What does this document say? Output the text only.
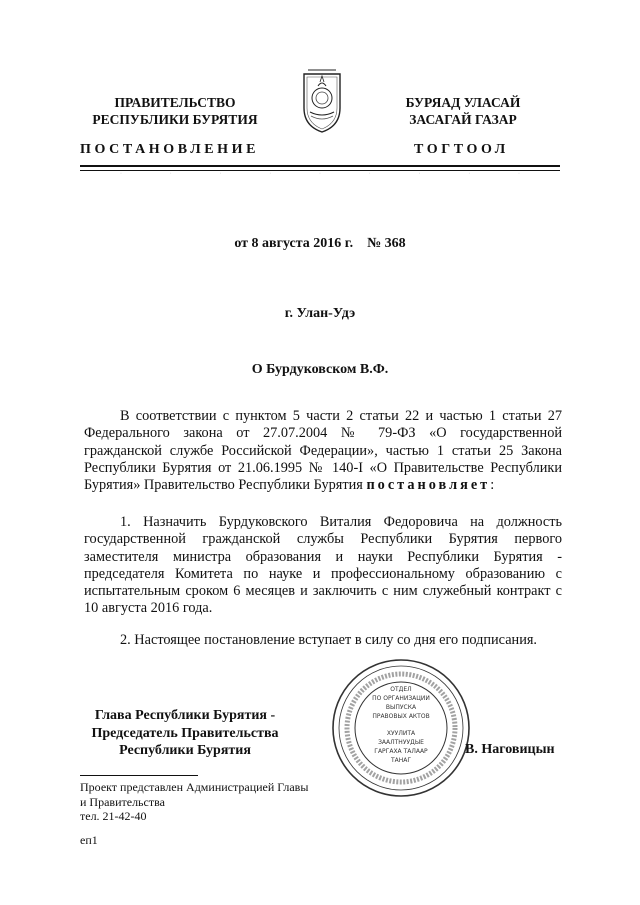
ПРАВИТЕЛЬСТВО
РЕСПУБЛИКИ БУРЯТИЯ
БУРЯАД УЛАСАЙ
ЗАСАГАЙ ГАЗАР
ПОСТАНОВЛЕНИЕ	ТОГТООЛ
·	·	·	·	·	·	·	·	·
от 8 августа 2016 г. № 368
г. Улан-Удэ
О Бурдуковском В.Ф.
В соответствии с пунктом 5 части 2 статьи 22 и частью 1 статьи 27 Федерального закона от 27.07.2004 № 79-ФЗ «О государственной гражданской службе Российской Федерации», частью 1 статьи 25 Закона Республики Бурятия от 21.06.1995 № 140-I «О Правительстве Республики Бурятия» Правительство Республики Бурятия постановляет:
1. Назначить Бурдуковского Виталия Федоровича на должность государственной гражданской службы Республики Бурятия первого заместителя министра образования и науки Республики Бурятия - председателя Комитета по науке и профессиональному образованию с испытательным сроком 6 месяцев и заключить с ним служебный контракт с 10 августа 2016 года.
2. Настоящее постановление вступает в силу со дня его подписания.
Глава Республики Бурятия -
Председатель Правительства
Республики Бурятия
ОТДЕЛ
ПО ОРГАНИЗАЦИИ
ВЫПУСКА
ПРАВОВЫХ АКТОВ
ХУУЛИТА
ЗААЛТНУУДЫЕ
ГАРГАХА ТАЛААР
ТАНАГ
В. Наговицын
Проект представлен Администрацией Главы
и Правительства
тел. 21-42-40
еп1
